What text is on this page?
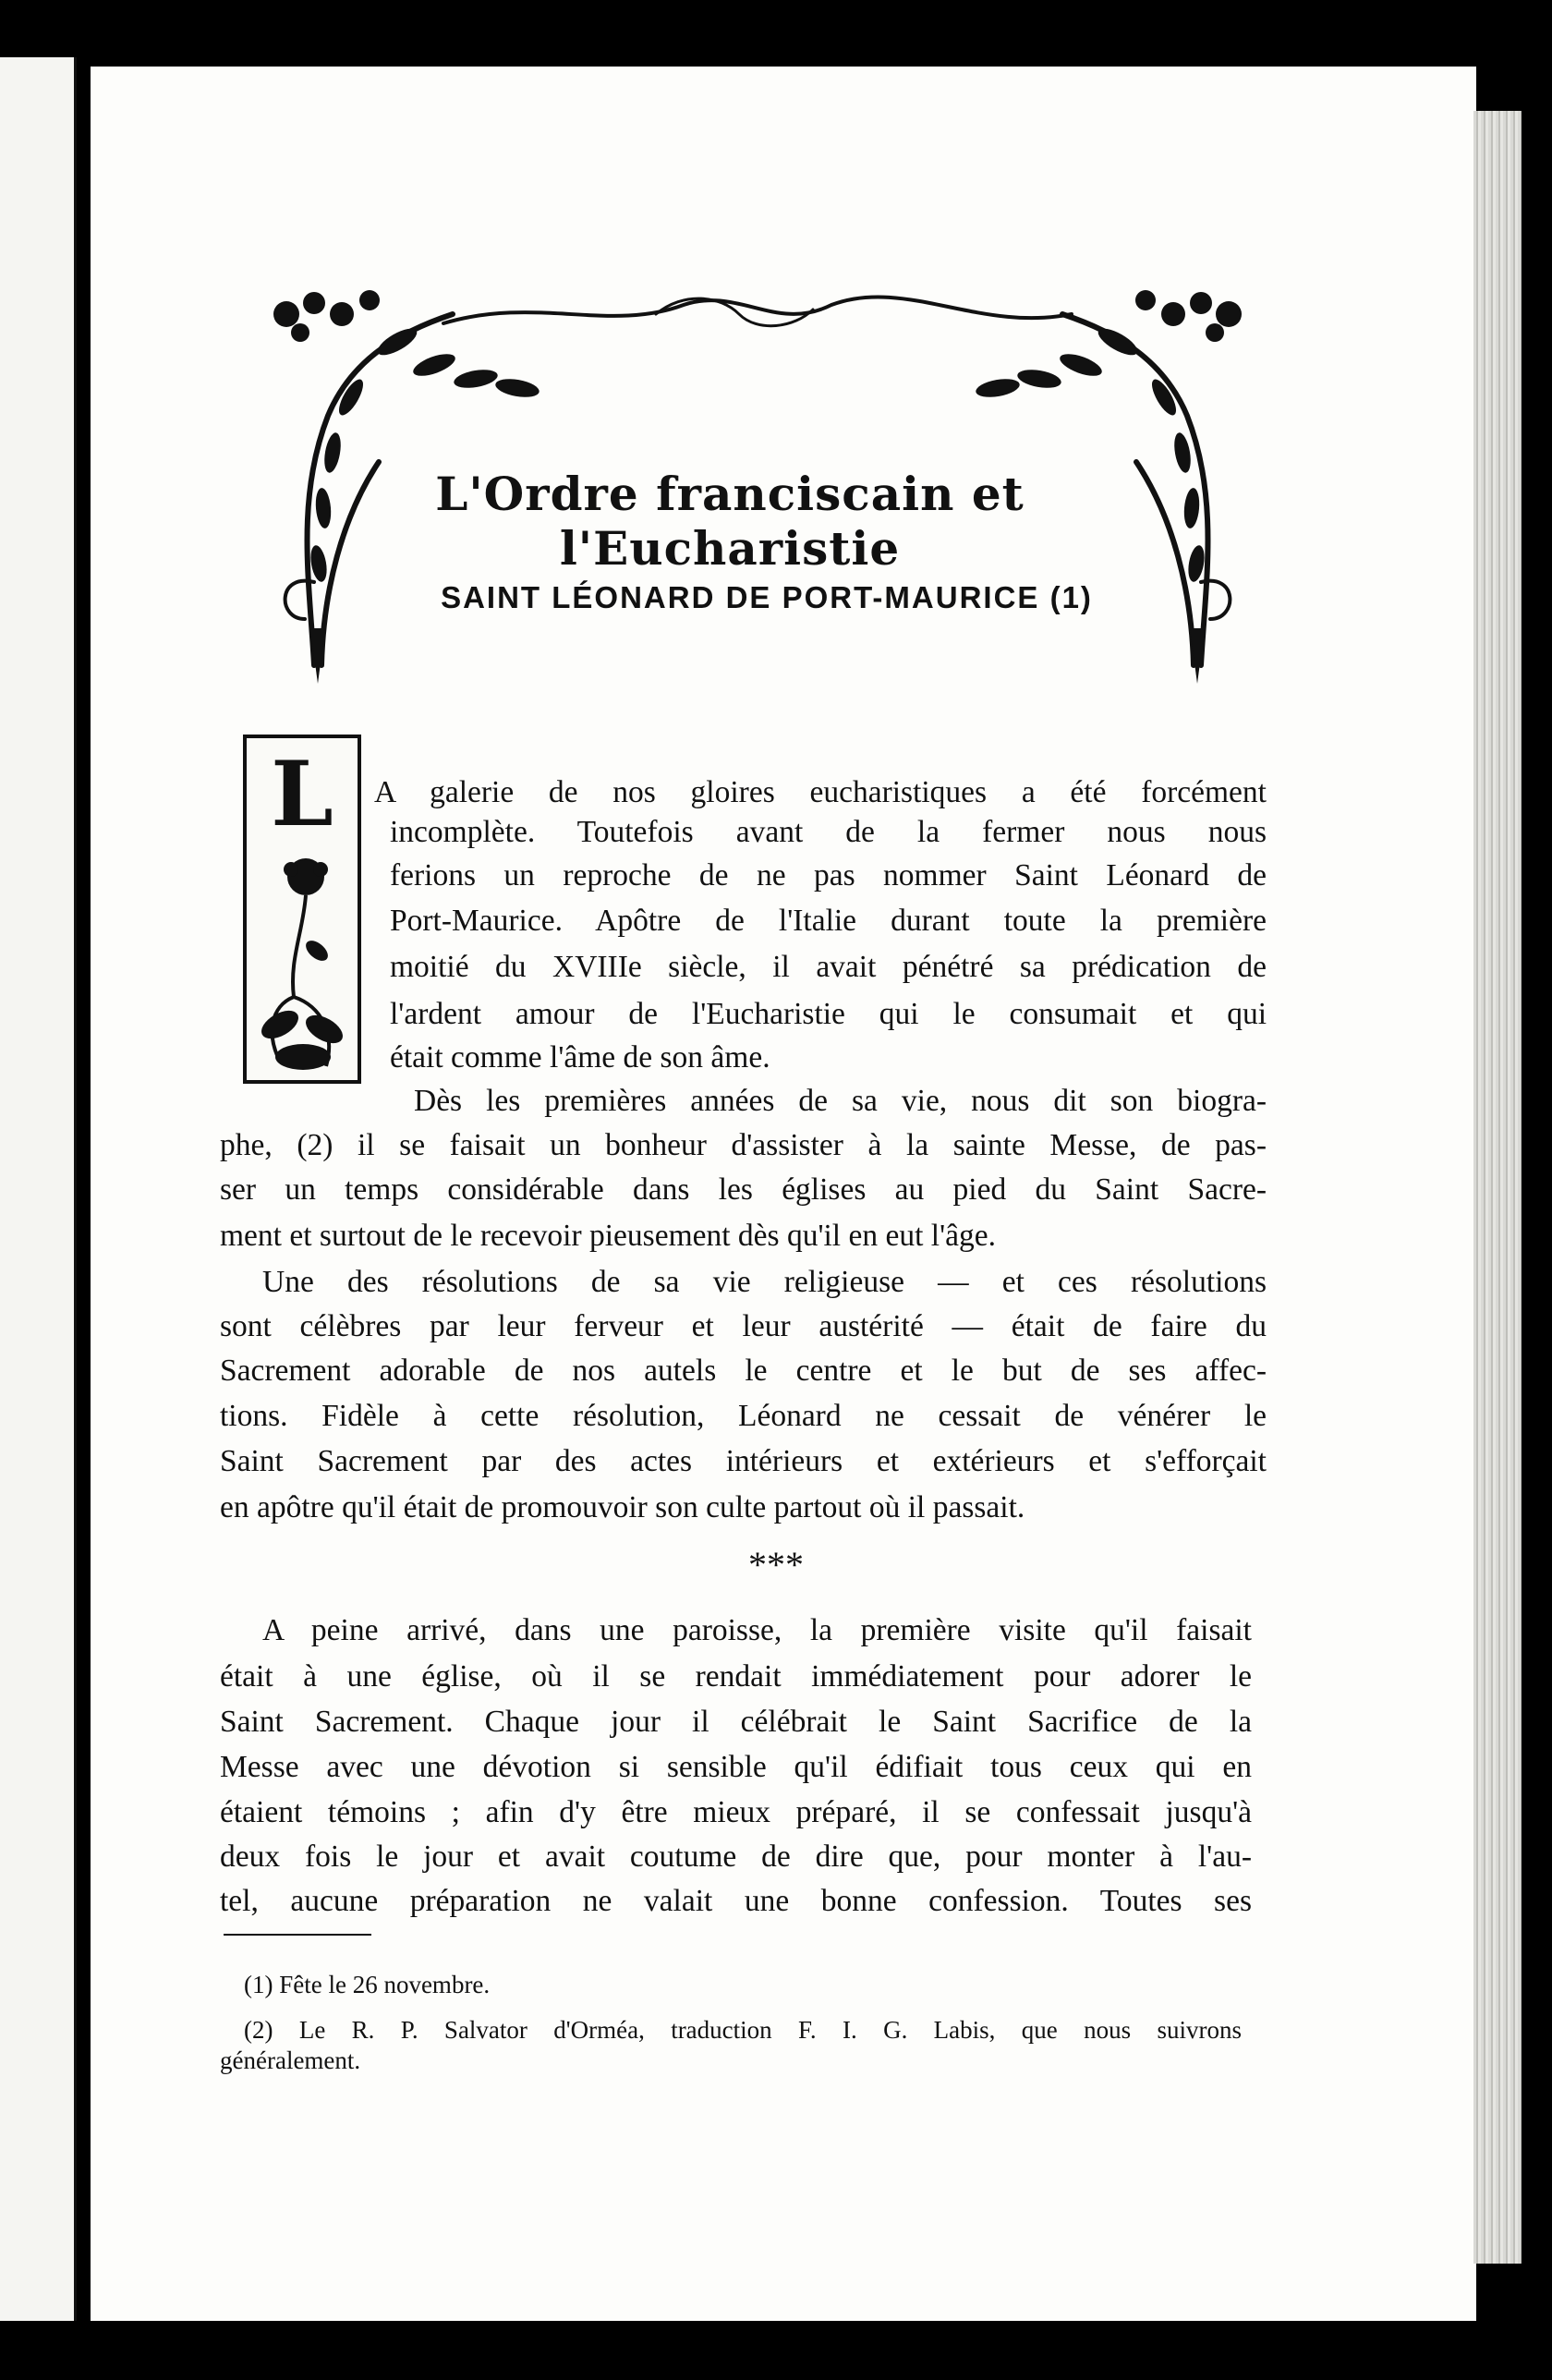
L'Ordre franciscain et l'Eucharistie
SAINT LÉONARD DE PORT-MAURICE (1)
L	A galerie de nos gloires eucharistiques a été forcément
incomplète. Toutefois avant de la fermer nous nous
ferions un reproche de ne pas nommer Saint Léonard de
Port-Maurice. Apôtre de l'Italie durant toute la première
moitié du XVIIIe siècle, il avait pénétré sa prédication de
l'ardent amour de l'Eucharistie qui le consumait et qui
était comme l'âme de son âme.
Dès les premières années de sa vie, nous dit son biogra-
phe, (2) il se faisait un bonheur d'assister à la sainte Messe, de pas-
ser un temps considérable dans les églises au pied du Saint Sacre-
ment et surtout de le recevoir pieusement dès qu'il en eut l'âge.
Une des résolutions de sa vie religieuse — et ces résolutions
sont célèbres par leur ferveur et leur austérité — était de faire du
Sacrement adorable de nos autels le centre et le but de ses affec-
tions. Fidèle à cette résolution, Léonard ne cessait de vénérer le
Saint Sacrement par des actes intérieurs et extérieurs et s'efforçait
en apôtre qu'il était de promouvoir son culte partout où il passait.
***
A peine arrivé, dans une paroisse, la première visite qu'il faisait
était à une église, où il se rendait immédiatement pour adorer le
Saint Sacrement. Chaque jour il célébrait le Saint Sacrifice de la
Messe avec une dévotion si sensible qu'il édifiait tous ceux qui en
étaient témoins ; afin d'y être mieux préparé, il se confessait jusqu'à
deux fois le jour et avait coutume de dire que, pour monter à l'au-
tel, aucune préparation ne valait une bonne confession. Toutes ses
(1) Fête le 26 novembre.
(2) Le R. P. Salvator d'Orméa, traduction F. I. G. Labis, que nous suivrons
généralement.
